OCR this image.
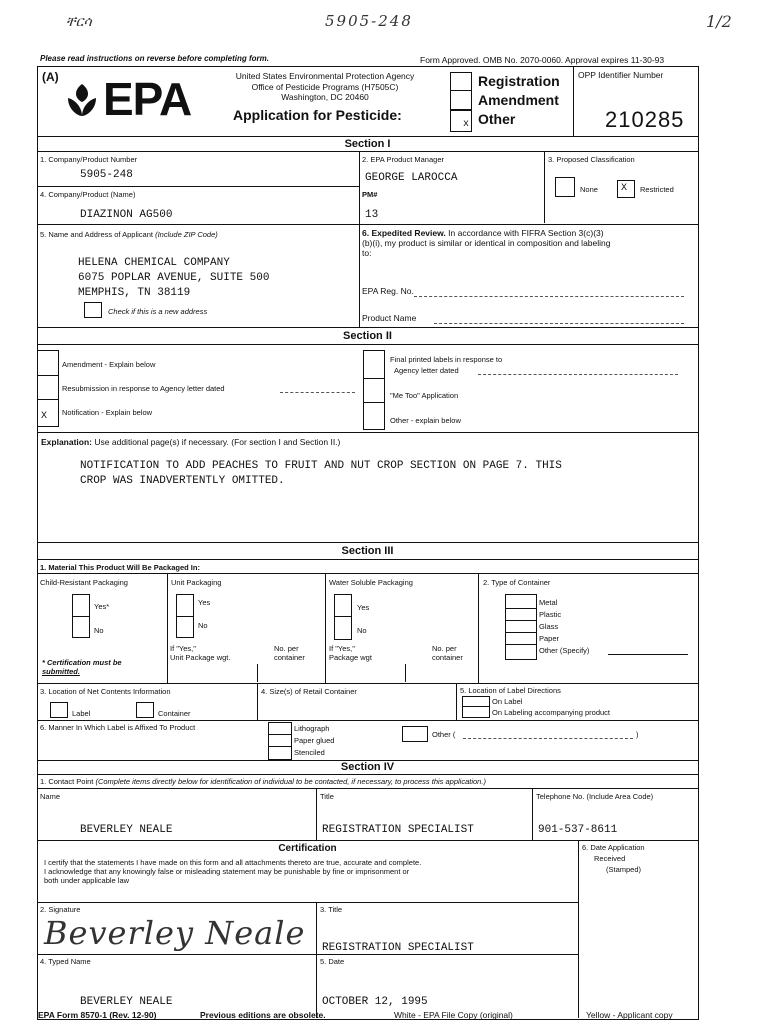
ቸርሳ	5905-248	1/2
Please read instructions on reverse before completing form.	Form Approved. OMB No. 2070-0060. Approval expires 11-30-93
(A) EPA	United States Environmental Protection Agency
Office of Pesticide Programs (H7505C)
Washington, DC 20460
Application for Pesticide:
x
Registration
Amendment
Other
OPP Identifier Number
210285
Section I
1. Company/Product Number
5905-248
4. Company/Product (Name)
DIAZINON AG500
5. Name and Address of Applicant (Include ZIP Code)
HELENA CHEMICAL COMPANY
6075 POPLAR AVENUE, SUITE 500
MEMPHIS, TN 38119
Check if this is a new address
2. EPA Product Manager
GEORGE LAROCCA
PM#
13
3. Proposed Classification
None X Restricted
6. Expedited Review. In accordance with FIFRA Section 3(c)(3)
(b)(i), my product is similar or identical in composition and labeling
to:
EPA Reg. No.
Product Name
Section II
X
Amendment - Explain below
Resubmission in response to Agency letter dated
Notification - Explain below
Final printed labels in response to
Agency letter dated
"Me Too" Application
Other - explain below
Explanation: Use additional page(s) if necessary. (For section I and Section II.)
NOTIFICATION TO ADD PEACHES TO FRUIT AND NUT CROP SECTION ON PAGE 7. THIS
CROP WAS INADVERTENTLY OMITTED.
Section III
1. Material This Product Will Be Packaged In:
Child-Resistant Packaging
Yes*
No
* Certification must be
submitted.
Unit Packaging
Yes
No
If "Yes,"
Unit Package wgt.
No. per
container
Water Soluble Packaging
Yes
No
If "Yes,"
Package wgt
No. per
container
2. Type of Container
Metal
Plastic
Glass
Paper
Other (Specify)
3. Location of Net Contents Information
Label	Container
4. Size(s) of Retail Container	5. Location of Label Directions
On Label
On Labeling accompanying product
6. Manner In Which Label is Affixed To Product	Lithograph
Paper glued
Stenciled
Other (	)
Section IV
1. Contact Point (Complete items directly below for identification of individual to be contacted, if necessary, to process this application.)
Name
BEVERLEY NEALE
Title
REGISTRATION SPECIALIST
Telephone No. (Include Area Code)
901-537-8611
Certification
I certify that the statements I have made on this form and all attachments thereto are true, accurate and complete.
I acknowledge that any knowingly false or misleading statement may be punishable by fine or imprisonment or
both under applicable law
6. Date Application
Received
(Stamped)
2. Signature
Beverley Neale
3. Title
REGISTRATION SPECIALIST
4. Typed Name
BEVERLEY NEALE
5. Date
OCTOBER 12, 1995
EPA Form 8570-1 (Rev. 12-90)	Previous editions are obsolete.	White - EPA File Copy (original)	Yellow - Applicant copy
